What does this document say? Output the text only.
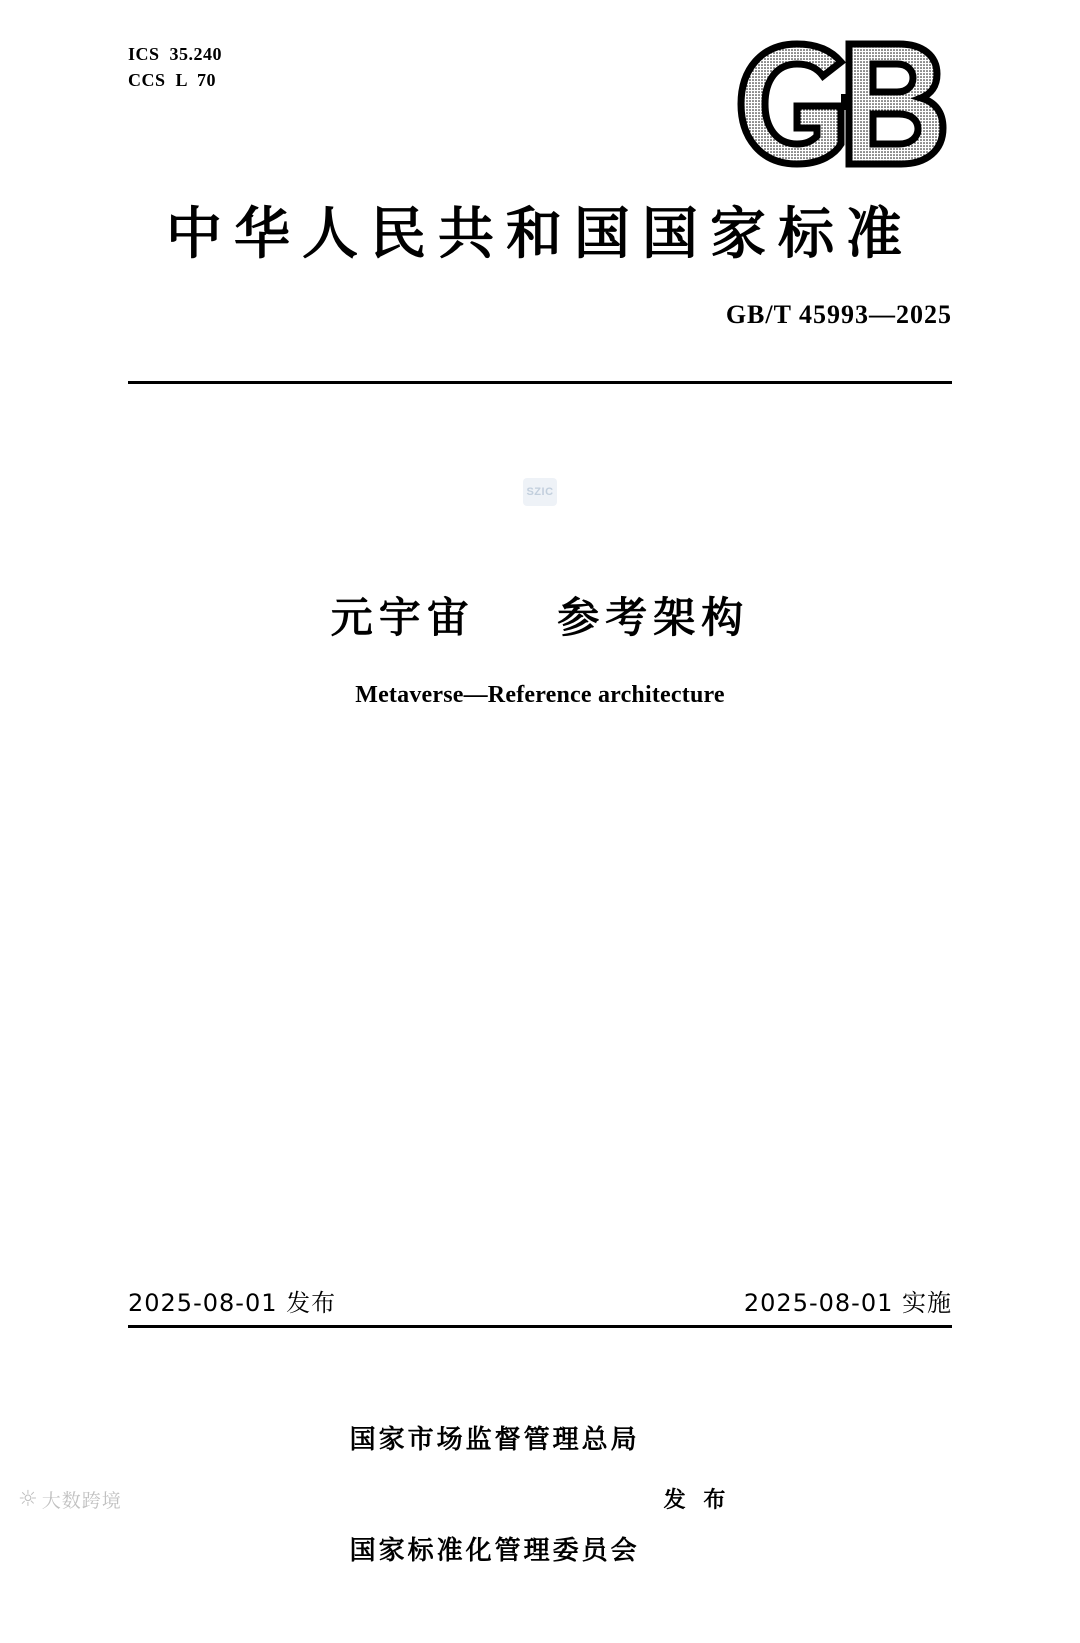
ICS  35.240
CCS  L  70
中华人民共和国国家标准
GB/T 45993—2025
SZIC
元宇宙    参考架构
Metaverse—Reference architecture
2025-08-01 发布	2025-08-01 实施

国家市场监督管理总局

国家标准化管理委员会

发 布
☼ 大数跨境
